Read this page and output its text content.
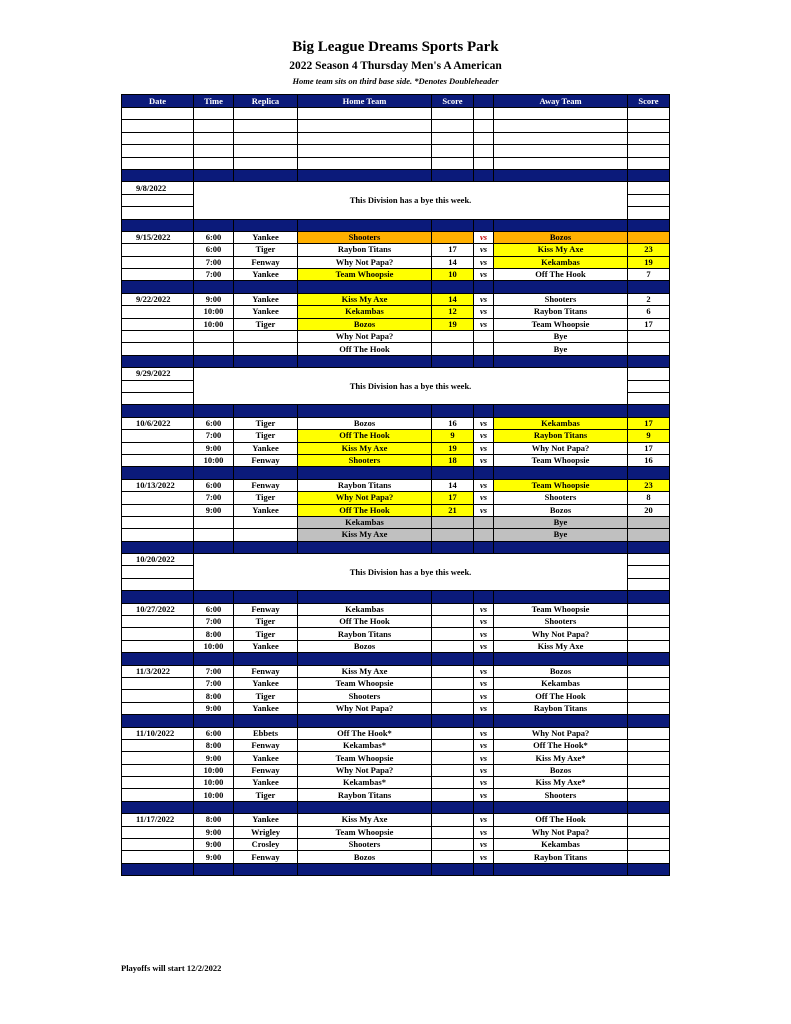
Big League Dreams Sports Park
2022 Season 4 Thursday Men's A American
Home team sits on third base side. *Denotes Doubleheader
Date	Time	Replica	Home Team	Score		Away Team	Score

9/8/2022	This Division has a bye this week.						

9/15/2022	6:00	Yankee	Shooters		vs	Bozos	
	6:00	Tiger	Raybon Titans	17	vs	Kiss My Axe	23
	7:00	Fenway	Why Not Papa?	14	vs	Kekambas	19
	7:00	Yankee	Team Whoopsie	10	vs	Off The Hook	7

9/22/2022	9:00	Yankee	Kiss My Axe	14	vs	Shooters	2
	10:00	Yankee	Kekambas	12	vs	Raybon Titans	6
	10:00	Tiger	Bozos	19	vs	Team Whoopsie	17
			Why Not Papa?			Bye	
			Off The Hook			Bye	

9/29/2022	This Division has a bye this week.						

10/6/2022	6:00	Tiger	Bozos	16	vs	Kekambas	17
	7:00	Tiger	Off The Hook	9	vs	Raybon Titans	9
	9:00	Yankee	Kiss My Axe	19	vs	Why Not Papa?	17
	10:00	Fenway	Shooters	18	vs	Team Whoopsie	16

10/13/2022	6:00	Fenway	Raybon Titans	14	vs	Team Whoopsie	23
	7:00	Tiger	Why Not Papa?	17	vs	Shooters	8
	9:00	Yankee	Off The Hook	21	vs	Bozos	20
			Kekambas			Bye	
			Kiss My Axe			Bye	

10/20/2022	This Division has a bye this week.						

10/27/2022	6:00	Fenway	Kekambas		vs	Team Whoopsie	
	7:00	Tiger	Off The Hook		vs	Shooters	
	8:00	Tiger	Raybon Titans		vs	Why Not Papa?	
	10:00	Yankee	Bozos		vs	Kiss My Axe	

11/3/2022	7:00	Fenway	Kiss My Axe		vs	Bozos	
	7:00	Yankee	Team Whoopsie		vs	Kekambas	
	8:00	Tiger	Shooters		vs	Off The Hook	
	9:00	Yankee	Why Not Papa?		vs	Raybon Titans	

11/10/2022	6:00	Ebbets	Off The Hook*		vs	Why Not Papa?	
	8:00	Fenway	Kekambas*		vs	Off The Hook*	
	9:00	Yankee	Team Whoopsie		vs	Kiss My Axe*	
	10:00	Fenway	Why Not Papa?		vs	Bozos	
	10:00	Yankee	Kekambas*		vs	Kiss My Axe*	
	10:00	Tiger	Raybon Titans		vs	Shooters	

11/17/2022	8:00	Yankee	Kiss My Axe		vs	Off The Hook	
	9:00	Wrigley	Team Whoopsie		vs	Why Not Papa?	
	9:00	Crosley	Shooters		vs	Kekambas	
	9:00	Fenway	Bozos		vs	Raybon Titans	

Playoffs will start 12/2/2022
